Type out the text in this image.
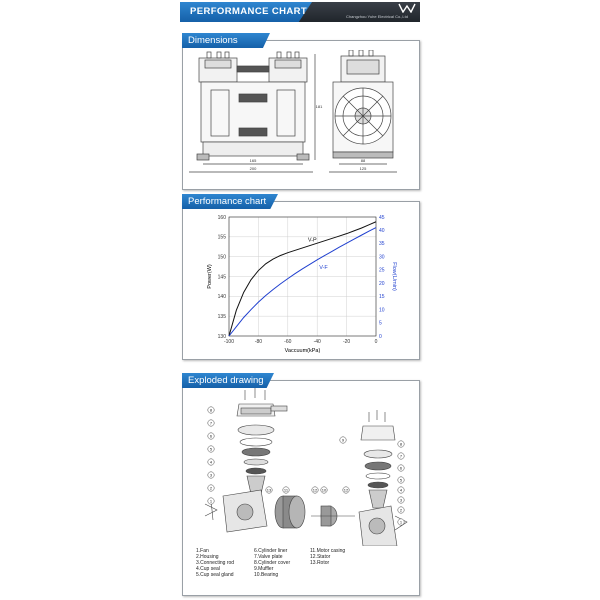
PERFORMANCE CHART	Changzhou Yuhe Electrical Co.,Ltd
Dimensions
165
200
181
88
125
Performance chart
-100	-80	-60	-40	-20	0
130
135
140
145
150
155
160
0
5
10
15
20
25
30
35
40
45
V-P
V-F
Vaccuum(kPa)
Power(W)	Flow(L/min)
Exploded drawing
8
7
6
5
4
3
2
1
13	11	10	12
12
9
8
7
6
5
4
3
2
1
1.Fan
2.Housing
3.Connecting rod
4.Cup seal
5.Cup seal gland
6.Cylinder liner
7.Valve plate
8.Cylinder cover
9.Muffler
10.Bearing
11.Motor casing
12.Stator
13.Rotor
